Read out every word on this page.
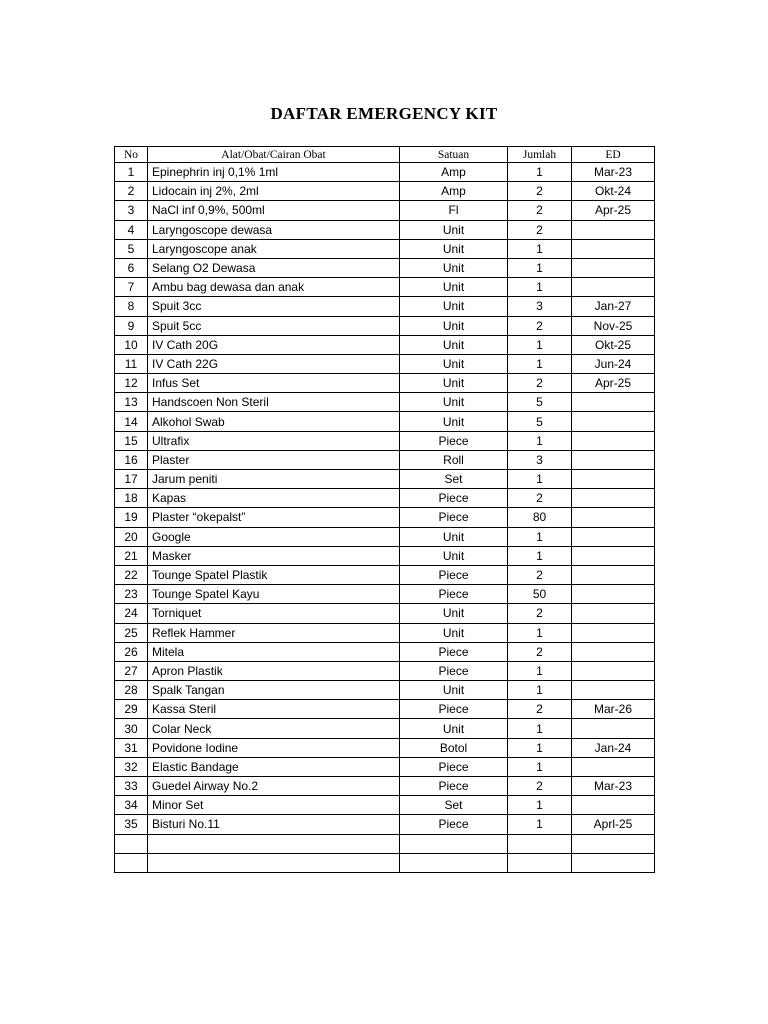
DAFTAR EMERGENCY KIT
No	Alat/Obat/Cairan Obat	Satuan	Jumlah	ED
1	Epinephrin inj 0,1% 1ml	Amp	1	Mar-23
2	Lidocain inj 2%, 2ml	Amp	2	Okt-24
3	NaCl inf 0,9%, 500ml	Fl	2	Apr-25
4	Laryngoscope dewasa	Unit	2	
5	Laryngoscope anak	Unit	1	
6	Selang O2 Dewasa	Unit	1	
7	Ambu bag dewasa dan anak	Unit	1	
8	Spuit 3cc	Unit	3	Jan-27
9	Spuit 5cc	Unit	2	Nov-25
10	IV Cath 20G	Unit	1	Okt-25
11	IV Cath 22G	Unit	1	Jun-24
12	Infus Set	Unit	2	Apr-25
13	Handscoen Non Steril	Unit	5	
14	Alkohol Swab	Unit	5	
15	Ultrafix	Piece	1	
16	Plaster	Roll	3	
17	Jarum peniti	Set	1	
18	Kapas	Piece	2	
19	Plaster “okepalst”	Piece	80	
20	Google	Unit	1	
21	Masker	Unit	1	
22	Tounge Spatel Plastik	Piece	2	
23	Tounge Spatel Kayu	Piece	50	
24	Torniquet	Unit	2	
25	Reflek Hammer	Unit	1	
26	Mitela	Piece	2	
27	Apron Plastik	Piece	1	
28	Spalk Tangan	Unit	1	
29	Kassa Steril	Piece	2	Mar-26
30	Colar Neck	Unit	1	
31	Povidone Iodine	Botol	1	Jan-24
32	Elastic Bandage	Piece	1	
33	Guedel Airway No.2	Piece	2	Mar-23
34	Minor Set	Set	1	
35	Bisturi No.11	Piece	1	Aprl-25
